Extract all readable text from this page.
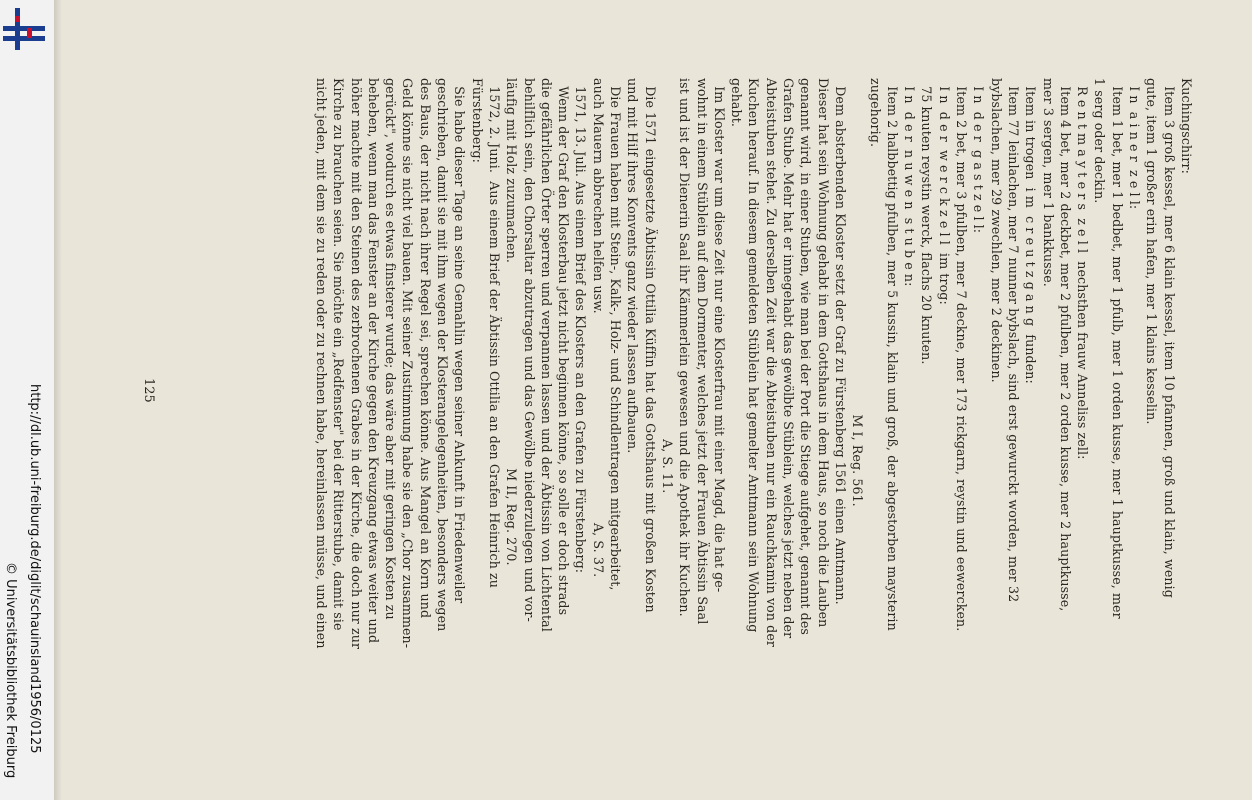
http://dl.ub.uni-freiburg.de/diglit/schauinsland1956/0125
© Universitätsbibliothek Freiburg
Kuchingschirr:
Item 3 groß kessel, mer 6 klain kessel, item 10 pfannen, groß und klain, wenig
gute, item 1 großer erin hafen, mer 1 klains kesselin.
I n  a i n e r  z e l l:
Item 1 bet, mer 1 bedbet, mer 1 pfulb, mer 1 orden kusse, mer 1 hauptkusse, mer
1 serg oder deckin.
R e n t m a y t e r s  z e l l  nechsthen frauw Anneliss zell:
Item 4 bet, mer 2 deckbet, mer 2 pfulben, mer 2 orden kusse, mer 2 hauptkusse,
mer 3 sergen, mer 1 bankkusse.
Item in trogen  i m  c r e u t z g a n g  funden:
Item 77 leinlachen, mer 7 nunner bybslach, sind erst gewurckt worden, mer 32
bybslachen, mer 29 zwechlen, mer 2 deckinen.
I n  d e r  g a s t z e l l:
Item 2 bet, mer 3 pfulben, mer 7 deckne, mer 173 rickgarn, reystin und eewercken.
I n  d e r  w e r c k z e l l  im trog:
75 knuten reystin werck, flachs 20 knuten.
I n  d e r  n u w e n  s t u b e n:
Item 2 halbbettig pfulben, mer 5 kussin, klain und groß, der abgestorben maysterin
zugehorig.
M I, Reg. 561.
Dem absterbenden Kloster setzt der Graf zu Fürstenberg 1561 einen Amtmann.
Dieser hat sein Wohnung gehabt in dem Gottshaus in dem Haus, so noch die Lauben
genannt wird, in einer Stuben, wie man bei der Port die Stiege aufgehet, genannt des
Grafen Stube. Mehr hat er innegehabt das gewölbte Stüblein, welches jetzt neben der
Abteistuben stehet. Zu derselben Zeit war die Abteistuben nur ein Rauchkamin von der
Kuchen herauf. In diesem gemeldeten Stüblein hat gemelter Amtmann sein Wohnung
gehabt.
Im Kloster war um diese Zeit nur eine Klosterfrau mit einer Magd, die hat ge-
wohnt in einem Stüblein auf dem Dormenter, welches jetzt der Frauen Äbtissin Saal
ist und ist der Dienerin Saal ihr Kämmerlein gewesen und die Apothek ihr Kuchen.
A, S. 11.
Die 1571 eingesetzte Äbtissin Ottilia Küffin hat das Gottshaus mit großen Kosten
und mit Hilf ihres Konvents ganz wieder lassen aufbauen.
Die Frauen haben mit Stein-, Kalk-, Holz- und Schindlentragen mitgearbeitet,
auch Mauern abbrechen helfen usw.                                                   A, S. 37.
1571, 13. Juli. Aus einem Brief des Klosters an den Grafen zu Fürstenberg:
Wenn der Graf den Klosterbau jetzt nicht beginnen könne, so solle er doch strads
die gefährlichen Örter sperren und verpannen lassen und der Äbtissin von Lichtental
behilflich sein, den Chorsaltar abzutragen und das Gewölbe niederzulegen und vor-
läufig mit Holz zuzumachen.                                                  M II, Reg. 270.
1572, 2. Juni.  Aus einem Brief der Äbtissin Ottilia an den Grafen Heinrich zu
Fürstenberg:
Sie habe dieser Tage an seine Gemahlin wegen seiner Ankunft in Friedenweiler
geschrieben, damit sie mit ihm wegen der Klosterangelegenheiten, besonders wegen
des Baus, der nicht nach ihrer Regel sei, sprechen könne. Aus Mangel an Korn und
Geld könne sie nicht viel bauen. Mit seiner Zustimmung habe sie den „Chor zusammen-
gerückt", wodurch es etwas finsterer wurde; das wäre aber mit geringen Kosten zu
beheben, wenn man das Fenster an der Kirche gegen den Kreuzgang etwas weiter und
höher machte mit den Steinen des zerbrochenen Grabes in der Kirche, die doch nur zur
Kirche zu brauchen seien. Sie möchte ein „Redfenster" bei der Ritterstube, damit sie
nicht jeden, mit dem sie zu reden oder zu rechnen habe, hereinlassen müsse, und einen
125
